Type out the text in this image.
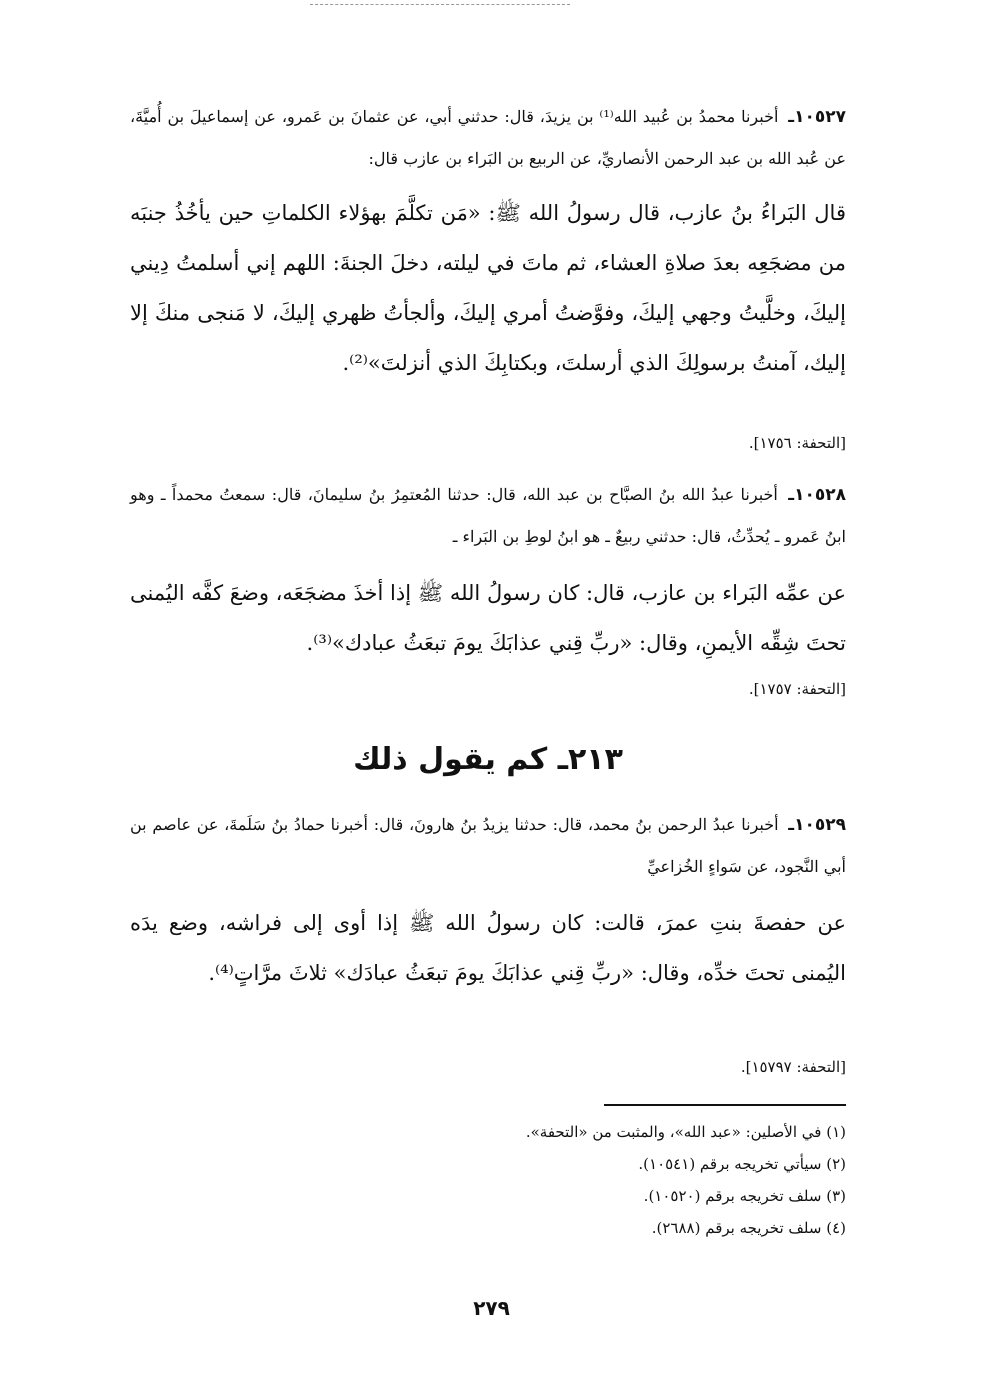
١٠٥٢٧ـ أخبرنا محمدُ بن عُبيد الله⁽¹⁾ بن يزيدَ، قال: حدثني أبي، عن عثمانَ بن عَمرو، عن إسماعيلَ بن أُميَّةَ، عن عُبد الله بن عبد الرحمن الأنصاريِّ، عن الربيع بن البَراء بن عازب قال:
قال البَراءُ بنُ عازب، قال رسولُ الله ﷺ: «مَن تكلَّمَ بهؤلاء الكلماتِ حين يأخُذُ جنبَه من مضجَعِه بعدَ صلاةِ العشاء، ثم ماتَ في ليلته، دخلَ الجنةَ: اللهم إني أسلمتُ دِيني إليكَ، وخلَّيتُ وجهي إليكَ، وفوَّضتُ أمري إليكَ، وألجأتُ ظهري إليكَ، لا مَنجى منكَ إلا إليك، آمنتُ برسولِكَ الذي أرسلتَ، وبكتابِكَ الذي أنزلتَ»⁽²⁾.
[التحفة: ١٧٥٦].
١٠٥٢٨ـ أخبرنا عبدُ الله بنُ الصبَّاح بن عبد الله، قال: حدثنا المُعتمِرُ بنُ سليمانَ، قال: سمعتُ محمداً ـ وهو ابنُ عَمرو ـ يُحدِّثُ، قال: حدثني ربيعٌ ـ هو ابنُ لوطِ بن البَراء ـ
عن عمِّه البَراء بن عازب، قال: كان رسولُ الله ﷺ إذا أخذَ مضجَعَه، وضعَ كفَّه اليُمنى تحتَ شِقِّه الأيمنِ، وقال: «ربِّ قِني عذابَكَ يومَ تبعَثُ عبادك»⁽³⁾.
[التحفة: ١٧٥٧].
٢١٣ـ كم يقول ذلك
١٠٥٢٩ـ أخبرنا عبدُ الرحمن بنُ محمد، قال: حدثنا يزيدُ بنُ هارونَ، قال: أخبرنا حمادُ بنُ سَلَمةَ، عن عاصم بن أبي النَّجود، عن سَواءٍ الخُزاعيِّ
عن حفصةَ بنتِ عمرَ، قالت: كان رسولُ الله ﷺ إذا أوى إلى فراشه، وضع يدَه اليُمنى تحتَ خدِّه، وقال: «ربِّ قِني عذابَكَ يومَ تبعَثُ عبادَك» ثلاثَ مرَّاتٍ⁽⁴⁾.
[التحفة: ١٥٧٩٧].
(١) في الأصلين: «عبد الله»، والمثبت من «التحفة».
(٢) سيأتي تخريجه برقم (١٠٥٤١).
(٣) سلف تخريجه برقم (١٠٥٢٠).
(٤) سلف تخريجه برقم (٢٦٨٨).
٢٧٩
